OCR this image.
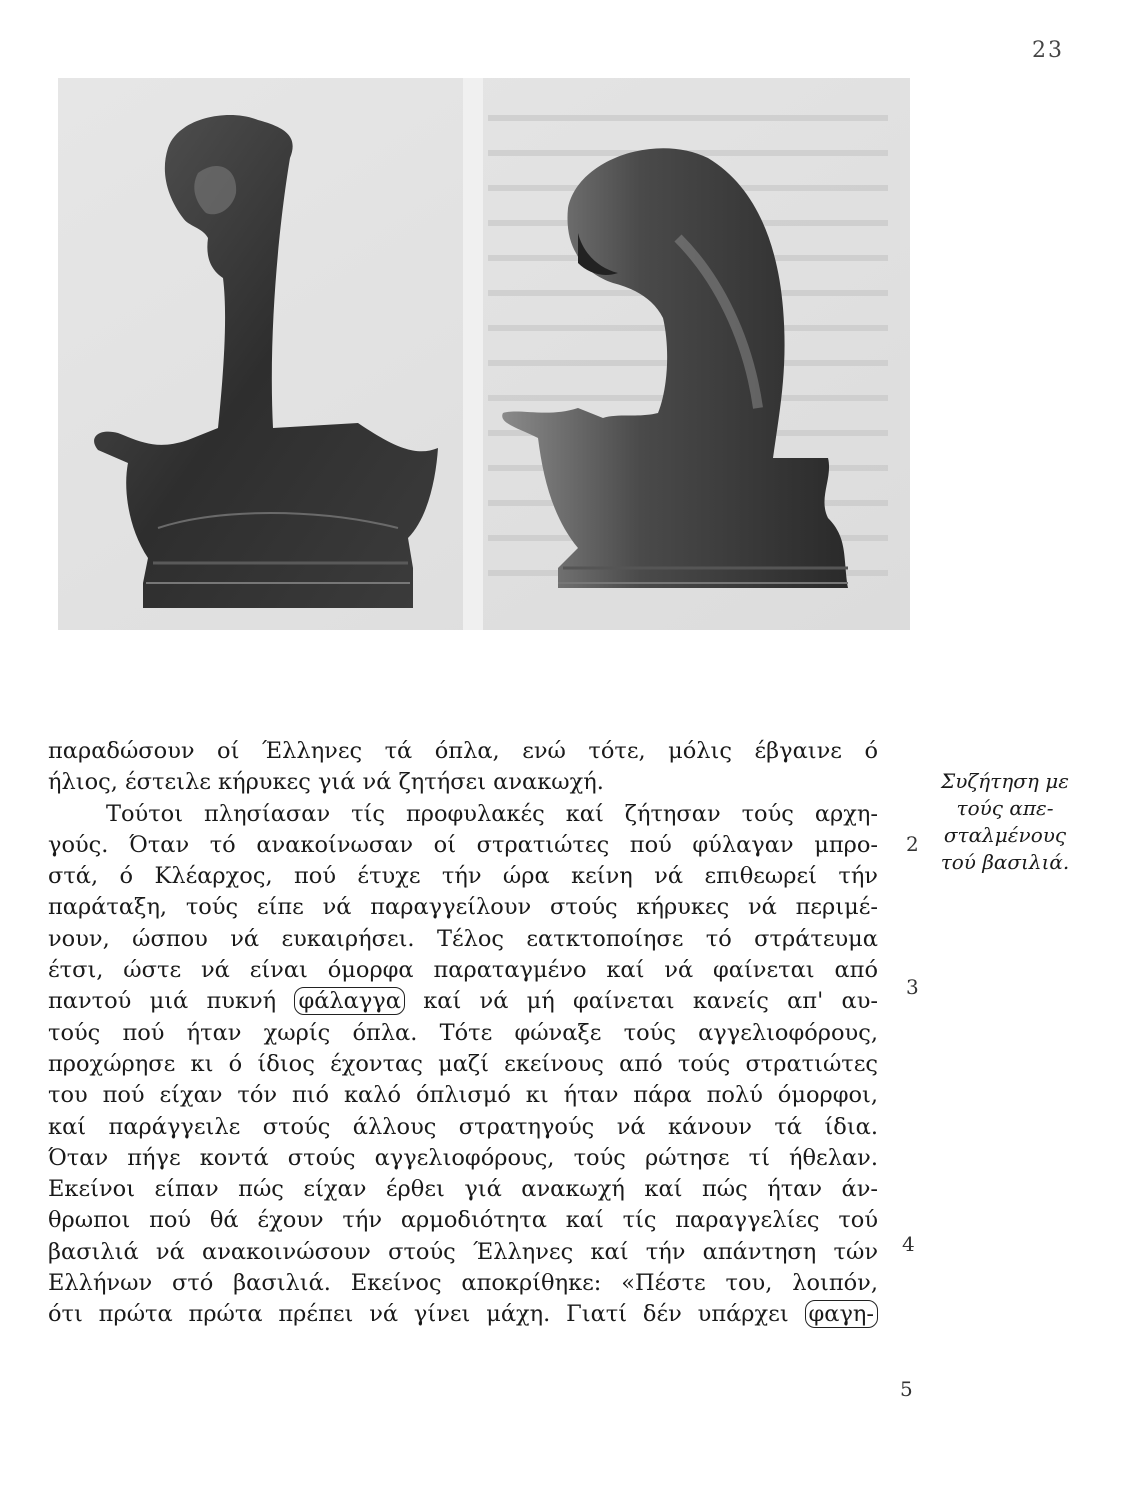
23
παραδώσουν οί Έλληνες τά όπλα, ενώ τότε, μόλις έβγαινε ό
ήλιος, έστειλε κήρυκες γιά νά ζητήσει ανακωχή.
Τούτοι πλησίασαν τίς προφυλακές καί ζήτησαν τούς αρχη-
γούς. Όταν τό ανακοίνωσαν οί στρατιώτες πού φύλαγαν μπρο-
στά, ό Κλέαρχος, πού έτυχε τήν ώρα κείνη νά επιθεωρεί τήν
παράταξη, τούς είπε νά παραγγείλουν στούς κήρυκες νά περιμέ-
νουν, ώσπου νά ευκαιρήσει. Τέλος εατκτοποίησε τό στράτευμα
έτσι, ώστε νά είναι όμορφα παραταγμένο καί νά φαίνεται από
παντού μιά πυκνή φάλαγγα καί νά μή φαίνεται κανείς απ' αυ-
τούς πού ήταν χωρίς όπλα. Τότε φώναξε τούς αγγελιοφόρους,
προχώρησε κι ό ίδιος έχοντας μαζί εκείνους από τούς στρατιώτες
του πού είχαν τόν πιό καλό όπλισμό κι ήταν πάρα πολύ όμορφοι,
καί παράγγειλε στούς άλλους στρατηγούς νά κάνουν τά ίδια.
Όταν πήγε κοντά στούς αγγελιοφόρους, τούς ρώτησε τί ήθελαν.
Εκείνοι είπαν πώς είχαν έρθει γιά ανακωχή καί πώς ήταν άν-
θρωποι πού θά έχουν τήν αρμοδιότητα καί τίς παραγγελίες τού
βασιλιά νά ανακοινώσουν στούς Έλληνες καί τήν απάντηση τών
Ελλήνων στό βασιλιά. Εκείνος αποκρίθηκε: «Πέστε του, λοιπόν,
ότι πρώτα πρώτα πρέπει νά γίνει μάχη. Γιατί δέν υπάρχει φαγη-
Συζήτηση με
τούς απε-
σταλμένους
τού βασιλιά.
2
3
4
5
